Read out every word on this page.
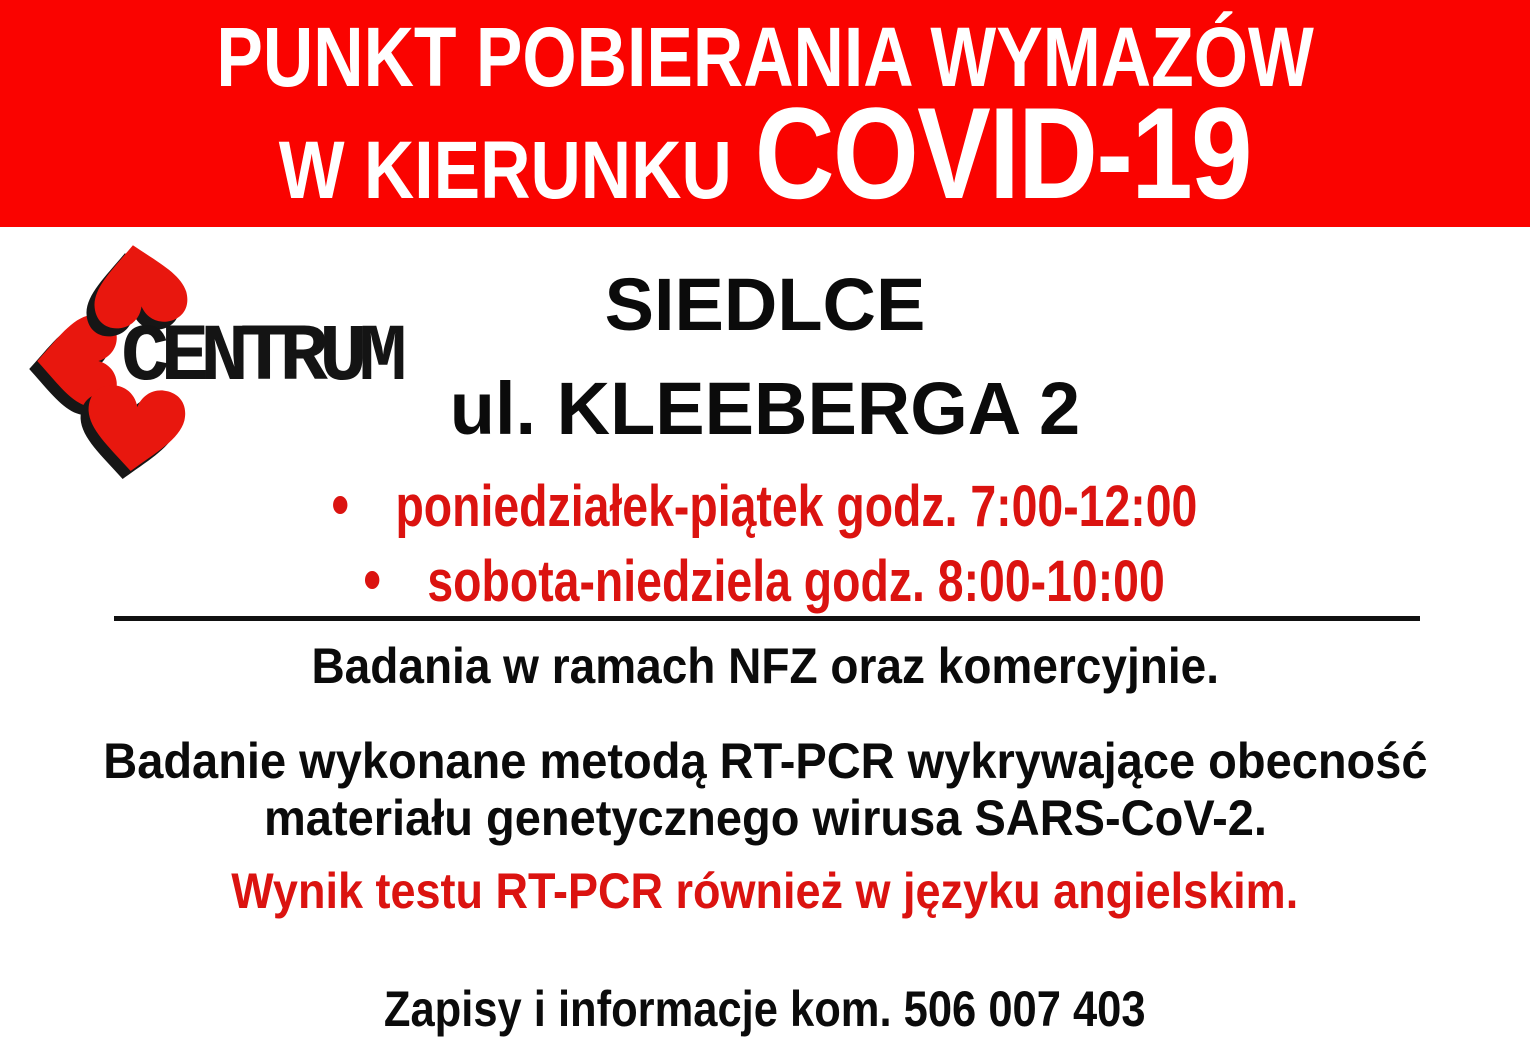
PUNKT POBIERANIA WYMAZÓW
W KIERUNKU COVID-19
CENTRUM
SIEDLCE
ul. KLEEBERGA 2
poniedziałek-piątek godz. 7:00-12:00
sobota-niedziela godz. 8:00-10:00
Badania w ramach NFZ oraz komercyjnie.
Badanie wykonane metodą RT-PCR wykrywające obecność
materiału genetycznego wirusa SARS-CoV-2.
Wynik testu RT-PCR również w języku angielskim.
Zapisy i informacje kom. 506 007 403
